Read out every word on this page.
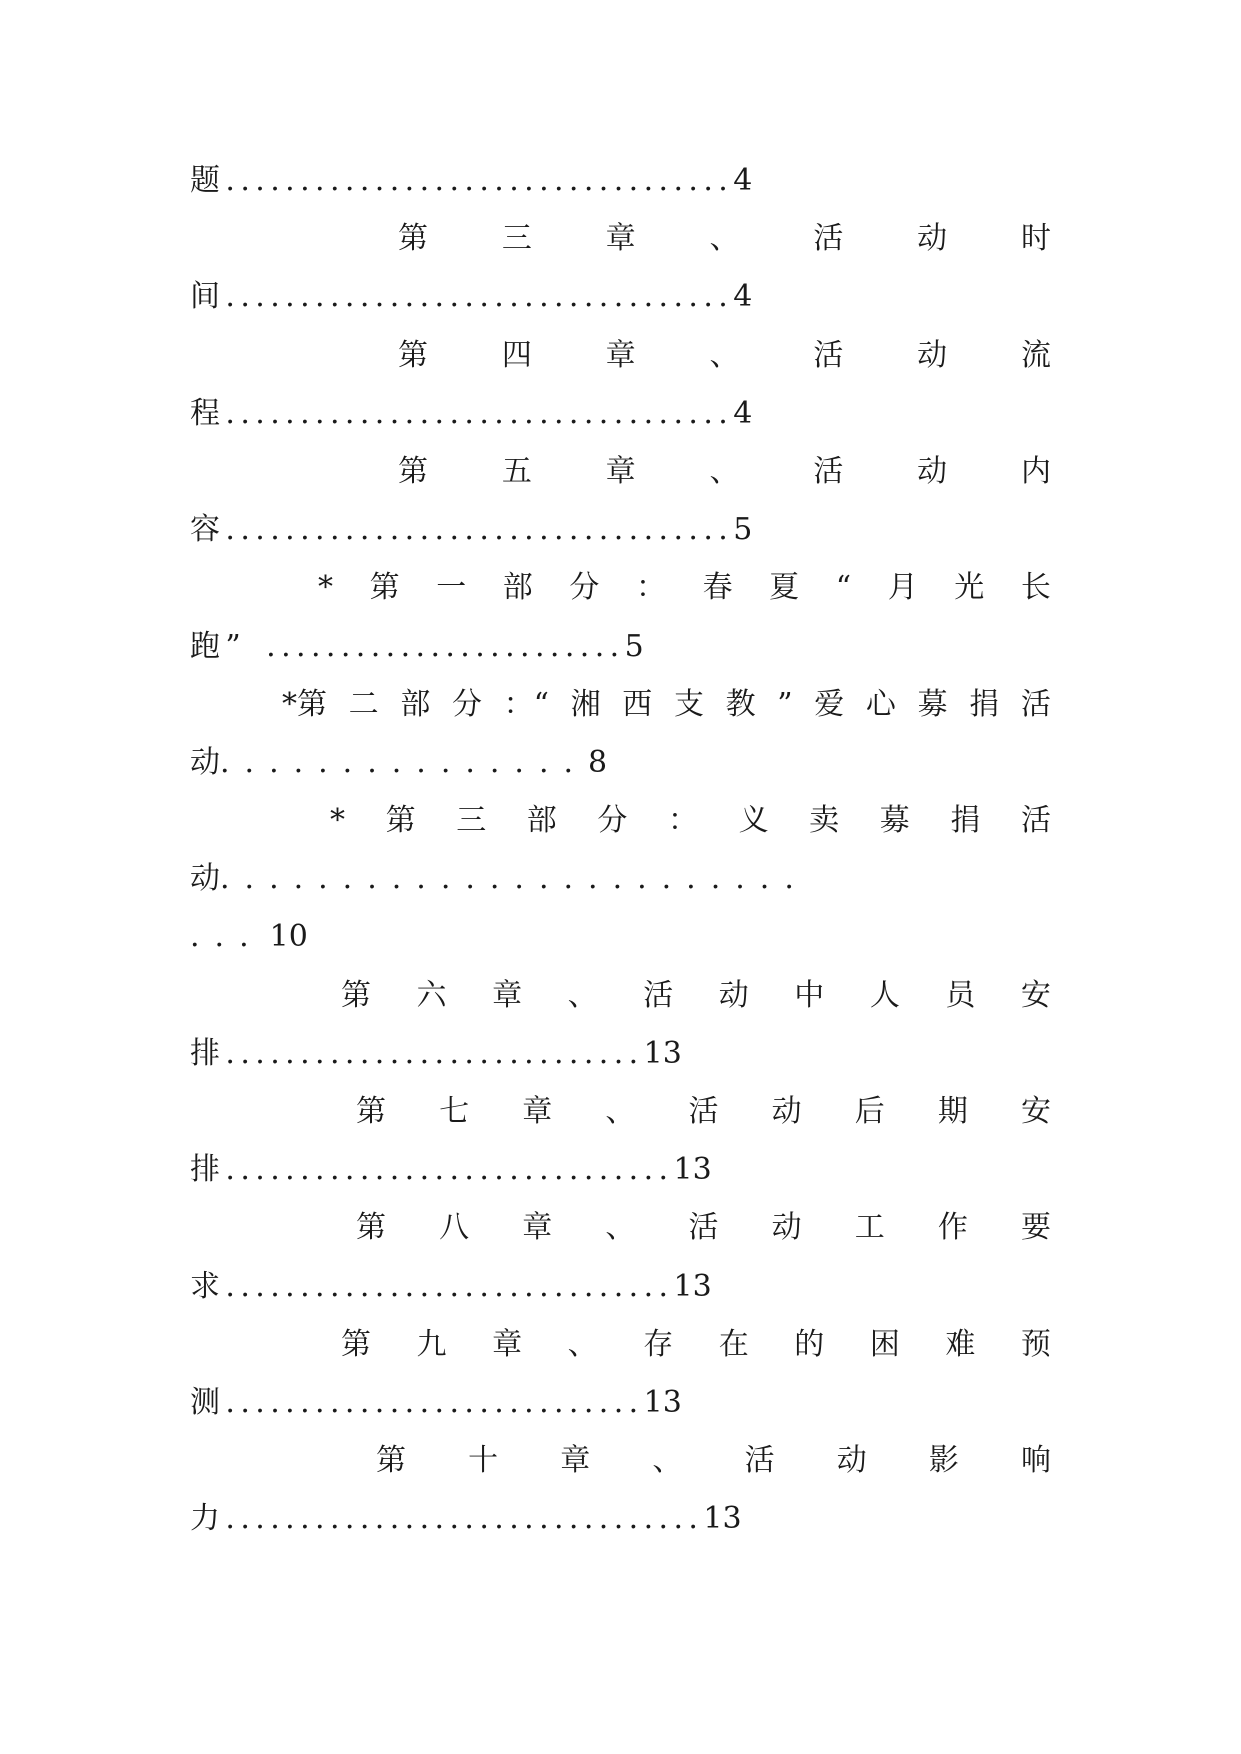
题..................................4
第 三 章 、 活 动 时
间..................................4
第 四 章 、 活 动 流
程..................................4
第 五 章 、 活 动 内
容..................................5
* 第 一 部 分 ： 春 夏 “ 月 光 长
跑” ........................5
*第 二 部 分 ：“ 湘 西 支 教 ” 爱 心 募 捐 活
动...............8
* 第 三 部 分 ： 义 卖 募 捐 活
动........................
... 10
第 六 章 、 活 动 中 人 员 安
排............................13
第 七 章 、 活 动 后 期 安
排..............................13
第 八 章 、 活 动 工 作 要
求..............................13
第 九 章 、 存 在 的 困 难 预
测............................13
第 十 章 、 活 动 影 响
力................................13
